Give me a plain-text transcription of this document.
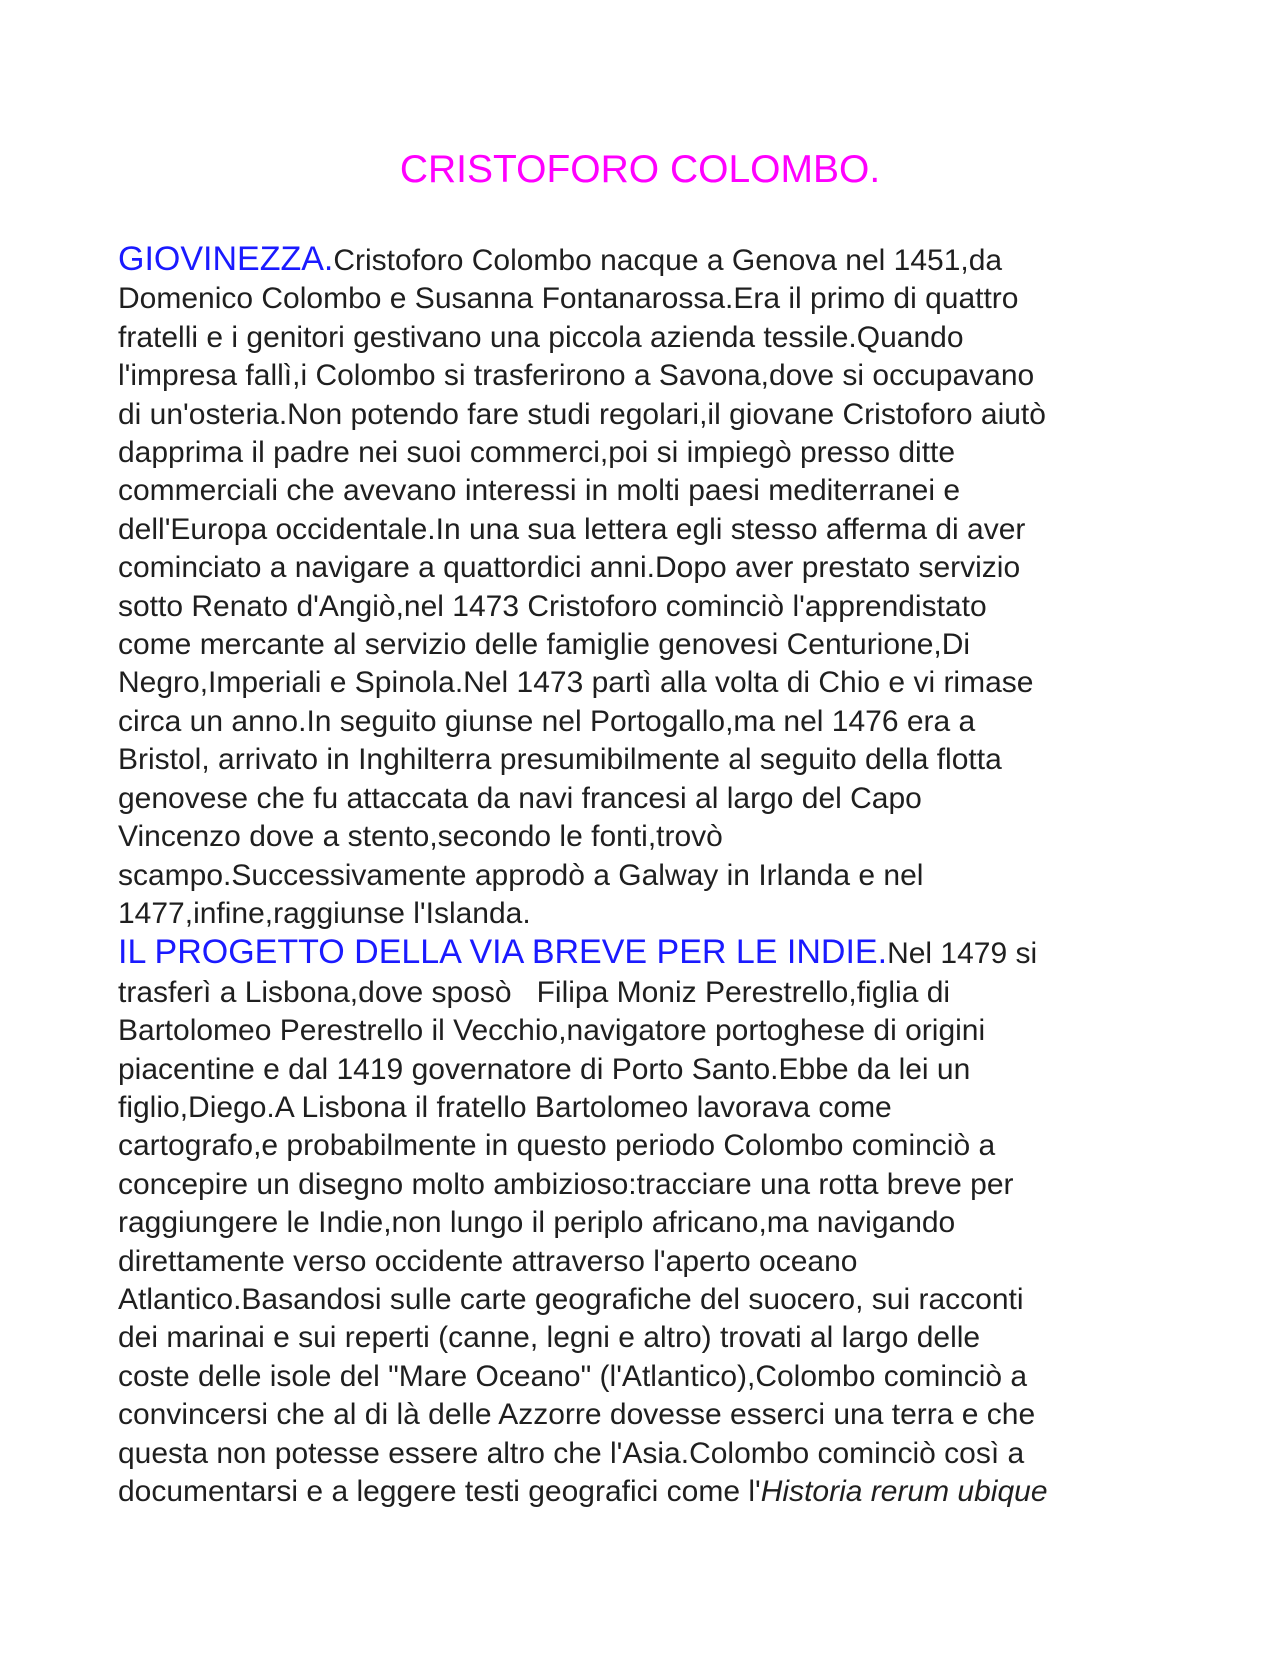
CRISTOFORO COLOMBO.
GIOVINEZZA.Cristoforo Colombo nacque a Genova nel 1451,da
Domenico Colombo e Susanna Fontanarossa.Era il primo di quattro
fratelli e i genitori gestivano una piccola azienda tessile.Quando
l'impresa fallì,i Colombo si trasferirono a Savona,dove si occupavano
di un'osteria.Non potendo fare studi regolari,il giovane Cristoforo aiutò
dapprima il padre nei suoi commerci,poi si impiegò presso ditte
commerciali che avevano interessi in molti paesi mediterranei e
dell'Europa occidentale.In una sua lettera egli stesso afferma di aver
cominciato a navigare a quattordici anni.Dopo aver prestato servizio
sotto Renato d'Angiò,nel 1473 Cristoforo cominciò l'apprendistato
come mercante al servizio delle famiglie genovesi Centurione,Di
Negro,Imperiali e Spinola.Nel 1473 partì alla volta di Chio e vi rimase
circa un anno.In seguito giunse nel Portogallo,ma nel 1476 era a
Bristol, arrivato in Inghilterra presumibilmente al seguito della flotta
genovese che fu attaccata da navi francesi al largo del Capo
Vincenzo dove a stento,secondo le fonti,trovò
scampo.Successivamente approdò a Galway in Irlanda e nel
1477,infine,raggiunse l'Islanda.
IL PROGETTO DELLA VIA BREVE PER LE INDIE.Nel 1479 si
trasferì a Lisbona,dove sposò   Filipa Moniz Perestrello,figlia di
Bartolomeo Perestrello il Vecchio,navigatore portoghese di origini
piacentine e dal 1419 governatore di Porto Santo.Ebbe da lei un
figlio,Diego.A Lisbona il fratello Bartolomeo lavorava come
cartografo,e probabilmente in questo periodo Colombo cominciò a
concepire un disegno molto ambizioso:tracciare una rotta breve per
raggiungere le Indie,non lungo il periplo africano,ma navigando
direttamente verso occidente attraverso l'aperto oceano
Atlantico.Basandosi sulle carte geografiche del suocero, sui racconti
dei marinai e sui reperti (canne, legni e altro) trovati al largo delle
coste delle isole del "Mare Oceano" (l'Atlantico),Colombo cominciò a
convincersi che al di là delle Azzorre dovesse esserci una terra e che
questa non potesse essere altro che l'Asia.Colombo cominciò così a
documentarsi e a leggere testi geografici come l'Historia rerum ubique
